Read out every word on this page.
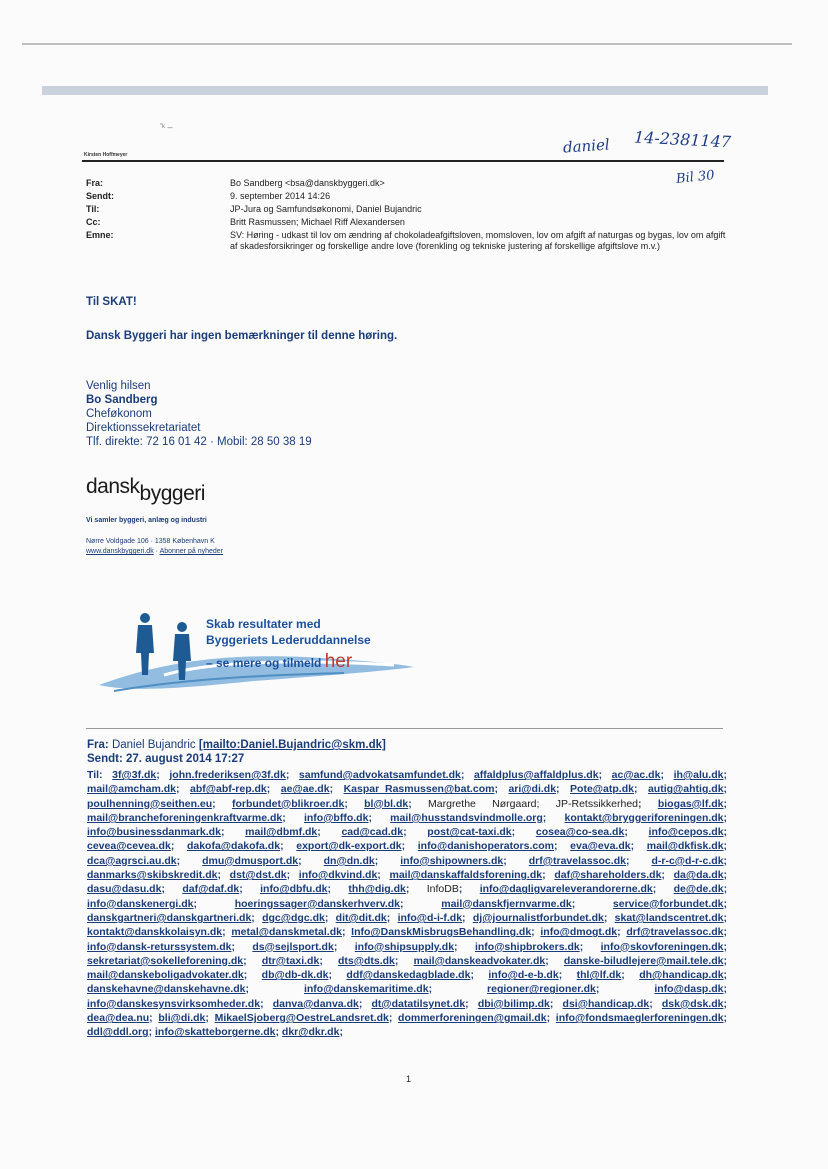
ʼᵏ –
daniel 14-2381147
Bil 30
Kirsten Hoffmeyer
Fra:	Bo Sandberg <bsa@danskbyggeri.dk>
Sendt:	9. september 2014 14:26
Til:	JP-Jura og Samfundsøkonomi, Daniel Bujandric
Cc:	Britt Rasmussen; Michael Riff Alexandersen
Emne:	SV: Høring - udkast til lov om ændring af chokoladeafgiftsloven, momsloven, lov om afgift af naturgas og bygas, lov om afgift af skadesforsikringer og forskellige andre love (forenkling og tekniske justering af forskellige afgiftslove m.v.)
Til SKAT!
Dansk Byggeri har ingen bemærkninger til denne høring.
Venlig hilsen
Bo Sandberg
Cheføkonom
Direktionssekretariatet
Tlf. direkte: 72 16 01 42 · Mobil: 28 50 38 19
danskbyggeri
Vi samler byggeri, anlæg og industri
Nørre Voldgade 106 · 1358 København K
www.danskbyggeri.dk · Abonner på nyheder
Skab resultater med
Byggeriets Lederuddannelse
– se mere og tilmeld her
Fra: Daniel Bujandric [mailto:Daniel.Bujandric@skm.dk]
Sendt: 27. august 2014 17:27
Til: 3f@3f.dk; john.frederiksen@3f.dk; samfund@advokatsamfundet.dk; affaldplus@affaldplus.dk; ac@ac.dk; ih@alu.dk; mail@amcham.dk; abf@abf-rep.dk; ae@ae.dk; Kaspar_Rasmussen@bat.com; ari@di.dk; Pote@atp.dk; autig@ahtig.dk; poulhenning@seithen.eu; forbundet@blikroer.dk; bl@bl.dk; Margrethe Nørgaard; JP-Retssikkerhed; biogas@lf.dk; mail@brancheforeningenkraftvarme.dk; info@bffo.dk; mail@husstandsvindmolle.org; kontakt@bryggeriforeningen.dk; info@businessdanmark.dk; mail@dbmf.dk; cad@cad.dk; post@cat-taxi.dk; cosea@co-sea.dk; info@cepos.dk; cevea@cevea.dk; dakofa@dakofa.dk; export@dk-export.dk; info@danishoperators.com; eva@eva.dk; mail@dkfisk.dk; dca@agrsci.au.dk; dmu@dmusport.dk; dn@dn.dk; info@shipowners.dk; drf@travelassoc.dk; d-r-c@d-r-c.dk; danmarks@skibskredit.dk; dst@dst.dk; info@dkvind.dk; mail@danskaffaldsforening.dk; daf@shareholders.dk; da@da.dk; dasu@dasu.dk; daf@daf.dk; info@dbfu.dk; thh@dig.dk; InfoDB; info@dagligvareleverandorerne.dk; de@de.dk; info@danskenergi.dk;	hoeringssager@danskerhverv.dk;	mail@danskfjernvarme.dk;	service@forbundet.dk; danskgartneri@danskgartneri.dk; dgc@dgc.dk; dit@dit.dk; info@d-i-f.dk; dj@journalistforbundet.dk; skat@landscentret.dk; kontakt@danskkolaisyn.dk; metal@danskmetal.dk; Info@DanskMisbrugsBehandling.dk; info@dmogt.dk; drf@travelassoc.dk; info@dansk-returssystem.dk; ds@sejlsport.dk; info@shipsupply.dk; info@shipbrokers.dk; info@skovforeningen.dk; sekretariat@sokelleforening.dk; dtr@taxi.dk; dts@dts.dk; mail@danskeadvokater.dk; danske-biludlejere@mail.tele.dk; mail@danskeboligadvokater.dk; db@db-dk.dk; ddf@danskedagblade.dk; info@d-e-b.dk; thl@lf.dk; dh@handicap.dk; danskehavne@danskehavne.dk;	info@danskemaritime.dk;	regioner@regioner.dk;	info@dasp.dk; info@danskesynsvirksomheder.dk; danva@danva.dk; dt@datatilsynet.dk; dbi@bilimp.dk; dsi@handicap.dk; dsk@dsk.dk; dea@dea.nu; bli@di.dk; MikaelSjoberg@OestreLandsret.dk; dommerforeningen@gmail.dk; info@fondsmaeglerforeningen.dk; ddl@ddl.org; info@skatteborgerne.dk; dkr@dkr.dk;
1
